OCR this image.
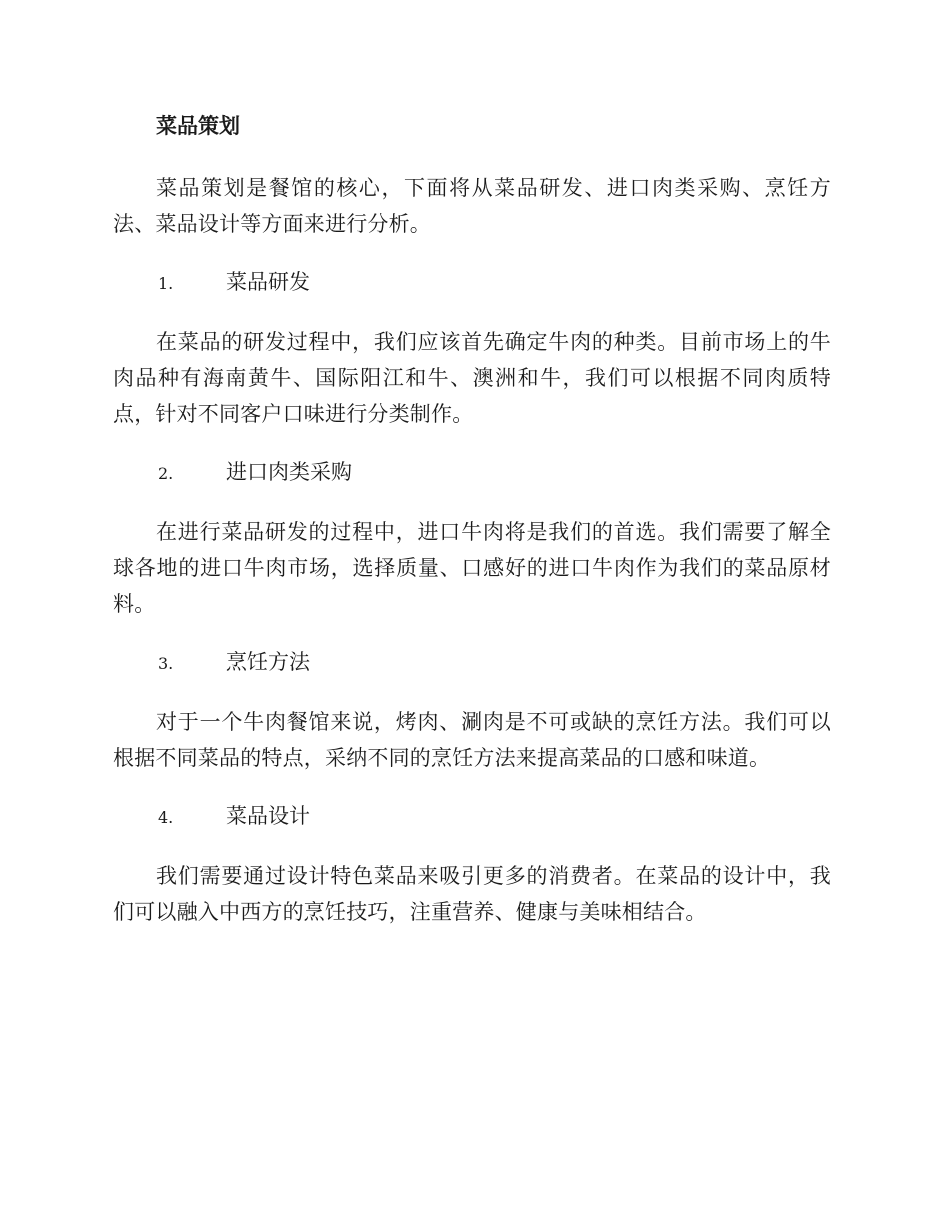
菜品策划

菜品策划是餐馆的核心，下面将从菜品研发、进口肉类采购、烹饪方法、菜品设计等方面来进行分析。

1.	菜品研发

在菜品的研发过程中，我们应该首先确定牛肉的种类。目前市场上的牛肉品种有海南黄牛、国际阳江和牛、澳洲和牛，我们可以根据不同肉质特点，针对不同客户口味进行分类制作。

2.	进口肉类采购

在进行菜品研发的过程中，进口牛肉将是我们的首选。我们需要了解全球各地的进口牛肉市场，选择质量、口感好的进口牛肉作为我们的菜品原材料。

3.	烹饪方法

对于一个牛肉餐馆来说，烤肉、涮肉是不可或缺的烹饪方法。我们可以根据不同菜品的特点，采纳不同的烹饪方法来提高菜品的口感和味道。

4.	菜品设计

我们需要通过设计特色菜品来吸引更多的消费者。在菜品的设计中，我们可以融入中西方的烹饪技巧，注重营养、健康与美味相结合。
